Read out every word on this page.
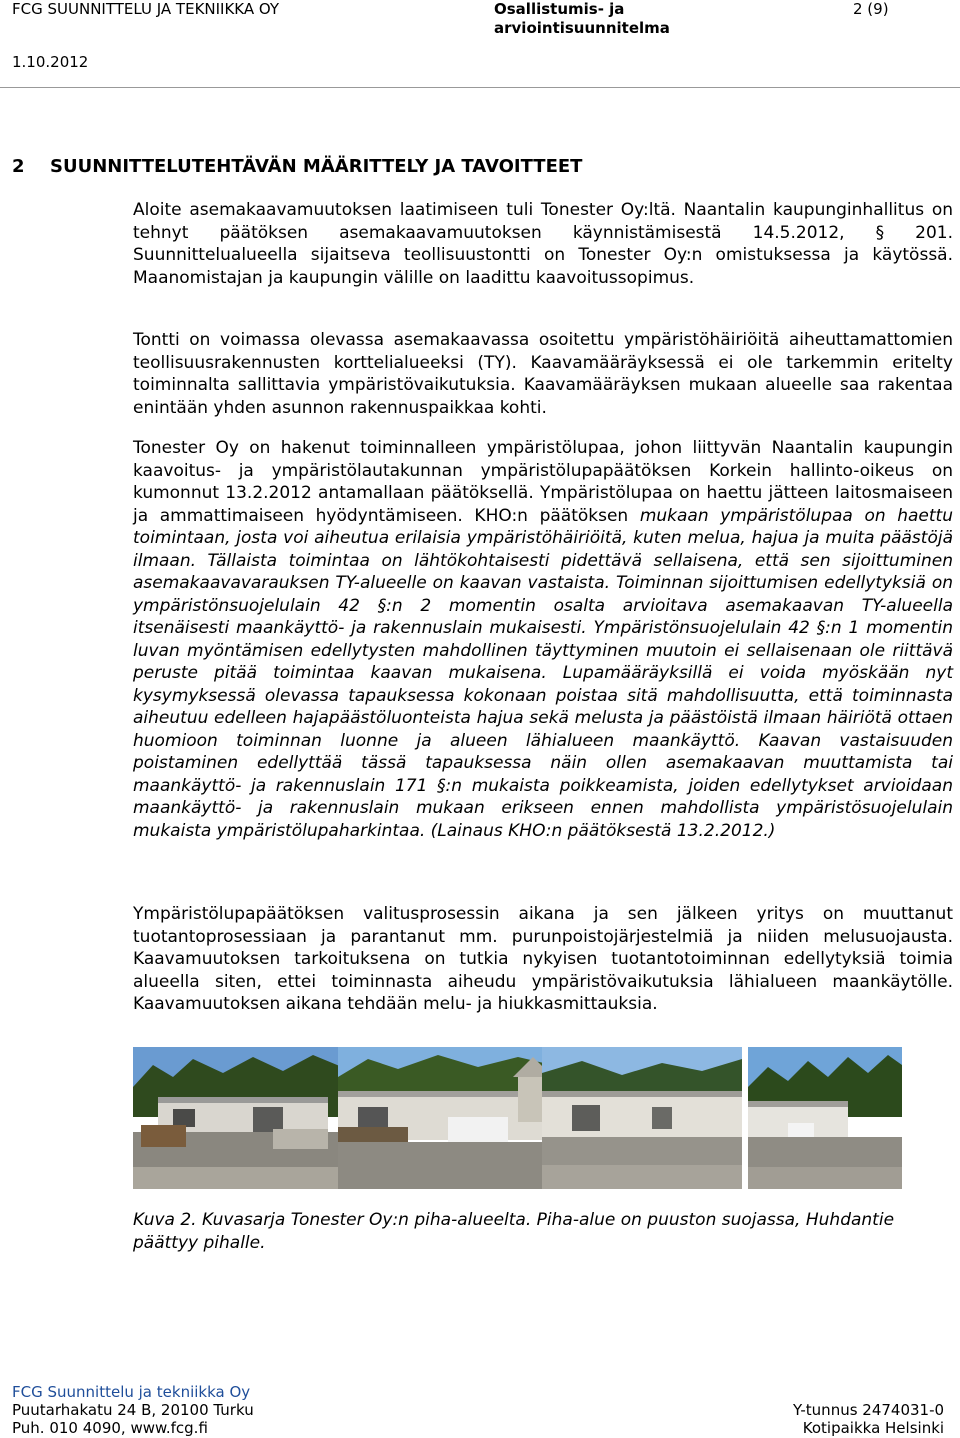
FCG SUUNNITTELU JA TEKNIIKKA OY	Osallistumis- ja
arviointisuunnitelma
2 (9)
1.10.2012
2 SUUNNITTELUTEHTÄVÄN MÄÄRITTELY JA TAVOITTEET

Aloite asemakaavamuutoksen laatimiseen tuli Tonester Oy:ltä. Naantalin kaupunginhallitus on tehnyt päätöksen asemakaavamuutoksen käynnistämisestä 14.5.2012, § 201. Suunnittelualueella sijaitseva teollisuustontti on Tonester Oy:n omistuksessa ja käytössä. Maanomistajan ja kaupungin välille on laadittu kaavoitussopimus.

Tontti on voimassa olevassa asemakaavassa osoitettu ympäristöhäiriöitä aiheuttamattomien teollisuusrakennusten korttelialueeksi (TY). Kaavamääräyksessä ei ole tarkemmin eritelty toiminnalta sallittavia ympäristövaikutuksia. Kaavamääräyksen mukaan alueelle saa rakentaa enintään yhden asunnon rakennuspaikkaa kohti.

Tonester Oy on hakenut toiminnalleen ympäristölupaa, johon liittyvän Naantalin kaupungin kaavoitus- ja ympäristölautakunnan ympäristölupapäätöksen Korkein hallinto-oikeus on kumonnut 13.2.2012 antamallaan päätöksellä. Ympäristölupaa on haettu jätteen laitosmaiseen ja ammattimaiseen hyödyntämiseen. KHO:n päätöksen mukaan ympäristölupaa on haettu toimintaan, josta voi aiheutua erilaisia ympäristöhäiriöitä, kuten melua, hajua ja muita päästöjä ilmaan. Tällaista toimintaa on lähtökohtaisesti pidettävä sellaisena, että sen sijoittuminen asemakaavavarauksen TY-alueelle on kaavan vastaista. Toiminnan sijoittumisen edellytyksiä on ympäristönsuojelulain 42 §:n 2 momentin osalta arvioitava asemakaavan TY-alueella itsenäisesti maankäyttö- ja rakennuslain mukaisesti. Ympäristönsuojelulain 42 §:n 1 momentin luvan myöntämisen edellytysten mahdollinen täyttyminen muutoin ei sellaisenaan ole riittävä peruste pitää toimintaa kaavan mukaisena. Lupamääräyksillä ei voida myöskään nyt kysymyksessä olevassa tapauksessa kokonaan poistaa sitä mahdollisuutta, että toiminnasta aiheutuu edelleen hajapäästöluonteista hajua sekä melusta ja päästöistä ilmaan häiriötä ottaen huomioon toiminnan luonne ja alueen lähialueen maankäyttö. Kaavan vastaisuuden poistaminen edellyttää tässä tapauksessa näin ollen asemakaavan muuttamista tai maankäyttö- ja rakennuslain 171 §:n mukaista poikkeamista, joiden edellytykset arvioidaan maankäyttö- ja rakennuslain mukaan erikseen ennen mahdollista ympäristösuojelulain mukaista ympäristölupaharkintaa. (Lainaus KHO:n päätöksestä 13.2.2012.)

Ympäristölupapäätöksen valitusprosessin aikana ja sen jälkeen yritys on muuttanut tuotantoprosessiaan ja parantanut mm. purunpoistojärjestelmiä ja niiden melusuojausta. Kaavamuutoksen tarkoituksena on tutkia nykyisen tuotantotoiminnan edellytyksiä toimia alueella siten, ettei toiminnasta aiheudu ympäristövaikutuksia lähialueen maankäytölle. Kaavamuutoksen aikana tehdään melu- ja hiukkasmittauksia.

Kuva 2. Kuvasarja Tonester Oy:n piha-alueelta. Piha-alue on puuston suojassa, Huhdantie päättyy pihalle.

FCG Suunnittelu ja tekniikka Oy
Puutarhakatu 24 B, 20100 Turku
Puh. 010 4090, www.fcg.fi
Y-tunnus 2474031-0
Kotipaikka Helsinki
